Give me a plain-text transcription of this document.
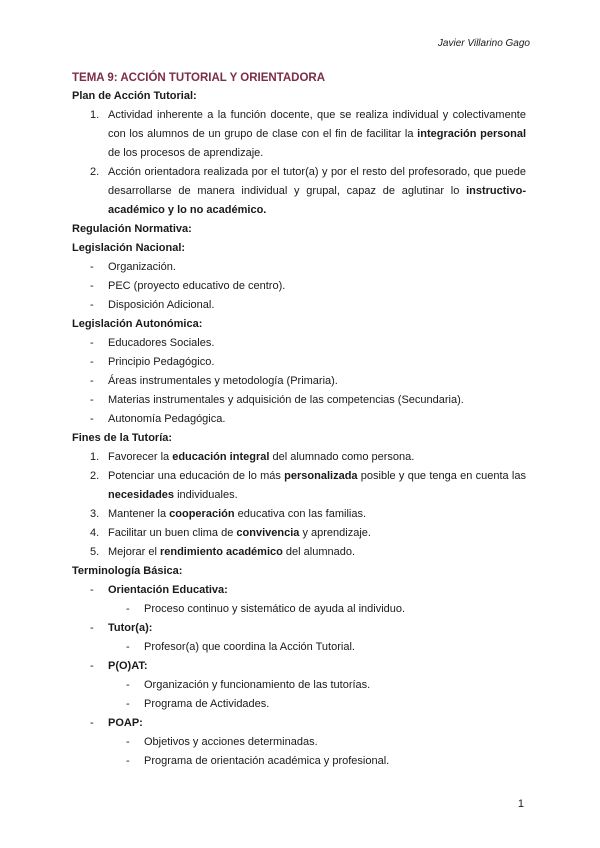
Javier Villarino Gago

TEMA 9: ACCIÓN TUTORIAL Y ORIENTADORA

Plan de Acción Tutorial:

1. Actividad inherente a la función docente, que se realiza individual y colectivamente con los alumnos de un grupo de clase con el fin de facilitar la integración personal de los procesos de aprendizaje.
2. Acción orientadora realizada por el tutor(a) y por el resto del profesorado, que puede desarrollarse de manera individual y grupal, capaz de aglutinar lo instructivo-académico y lo no académico.

Regulación Normativa:

Legislación Nacional:

- Organización.
- PEC (proyecto educativo de centro).
- Disposición Adicional.

Legislación Autonómica:

- Educadores Sociales.
- Principio Pedagógico.
- Áreas instrumentales y metodología (Primaria).
- Materias instrumentales y adquisición de las competencias (Secundaria).
- Autonomía Pedagógica.

Fines de la Tutoría:

1. Favorecer la educación integral del alumnado como persona.
2. Potenciar una educación de lo más personalizada posible y que tenga en cuenta las necesidades individuales.
3. Mantener la cooperación educativa con las familias.
4. Facilitar un buen clima de convivencia y aprendizaje.
5. Mejorar el rendimiento académico del alumnado.

Terminología Básica:

- Orientación Educativa:
- Proceso continuo y sistemático de ayuda al individuo.
- Tutor(a):
- Profesor(a) que coordina la Acción Tutorial.
- P(O)AT:
- Organización y funcionamiento de las tutorías.
- Programa de Actividades.
- POAP:
- Objetivos y acciones determinadas.
- Programa de orientación académica y profesional.
1
